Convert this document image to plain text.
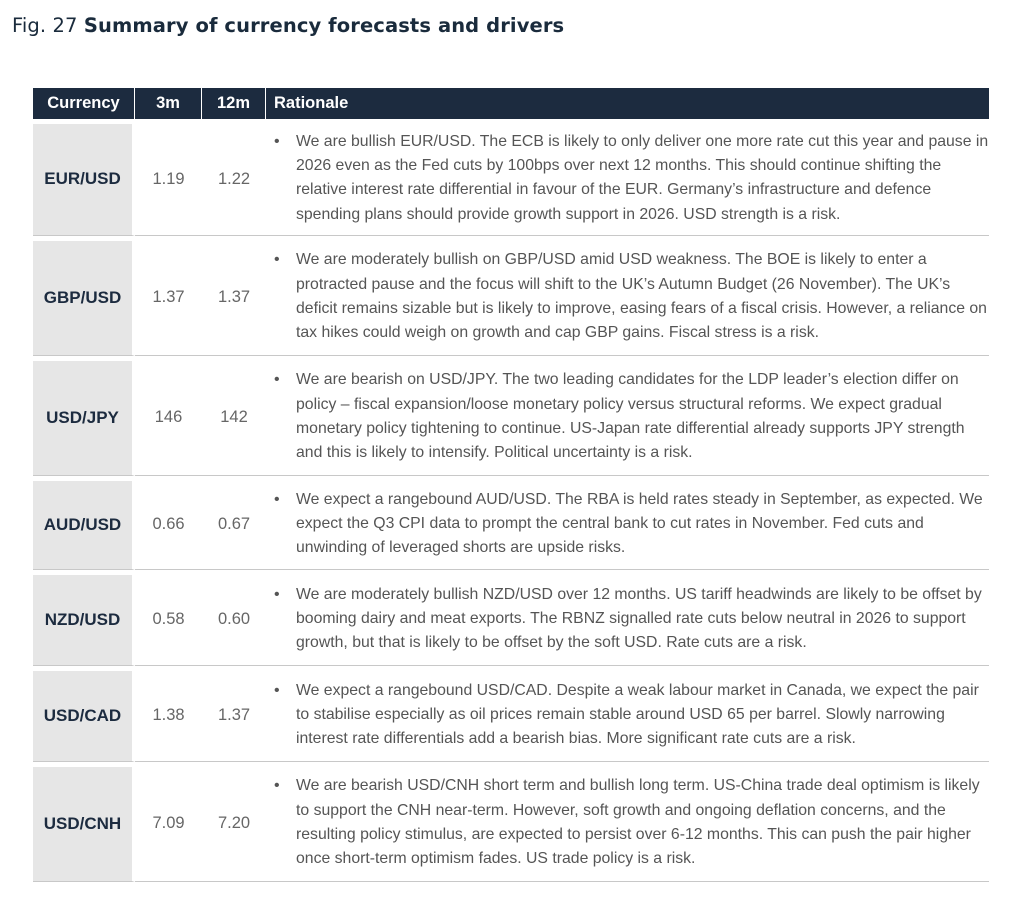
Fig. 27 Summary of currency forecasts and drivers
Currency	3m	12m	Rationale
EUR/USD	1.19	1.22	• We are bullish EUR/USD. The ECB is likely to only deliver one more rate cut this year and pause in 2026 even as the Fed cuts by 100bps over next 12 months. This should continue shifting the relative interest rate differential in favour of the EUR. Germany’s infrastructure and defence spending plans should provide growth support in 2026. USD strength is a risk.

GBP/USD	1.37	1.37	• We are moderately bullish on GBP/USD amid USD weakness. The BOE is likely to enter a protracted pause and the focus will shift to the UK’s Autumn Budget (26 November). The UK’s deficit remains sizable but is likely to improve, easing fears of a fiscal crisis. However, a reliance on tax hikes could weigh on growth and cap GBP gains. Fiscal stress is a risk.

USD/JPY	146	142	• We are bearish on USD/JPY. The two leading candidates for the LDP leader’s election differ on policy – fiscal expansion/loose monetary policy versus structural reforms. We expect gradual monetary policy tightening to continue. US-Japan rate differential already supports JPY strength and this is likely to intensify. Political uncertainty is a risk.

AUD/USD	0.66	0.67	• We expect a rangebound AUD/USD. The RBA is held rates steady in September, as expected. We expect the Q3 CPI data to prompt the central bank to cut rates in November. Fed cuts and unwinding of leveraged shorts are upside risks.

NZD/USD	0.58	0.60	• We are moderately bullish NZD/USD over 12 months. US tariff headwinds are likely to be offset by booming dairy and meat exports. The RBNZ signalled rate cuts below neutral in 2026 to support growth, but that is likely to be offset by the soft USD. Rate cuts are a risk.

USD/CAD	1.38	1.37	• We expect a rangebound USD/CAD. Despite a weak labour market in Canada, we expect the pair to stabilise especially as oil prices remain stable around USD 65 per barrel. Slowly narrowing interest rate differentials add a bearish bias. More significant rate cuts are a risk.

USD/CNH	7.09	7.20	• We are bearish USD/CNH short term and bullish long term. US-China trade deal optimism is likely to support the CNH near-term. However, soft growth and ongoing deflation concerns, and the resulting policy stimulus, are expected to persist over 6-12 months. This can push the pair higher once short-term optimism fades. US trade policy is a risk.
